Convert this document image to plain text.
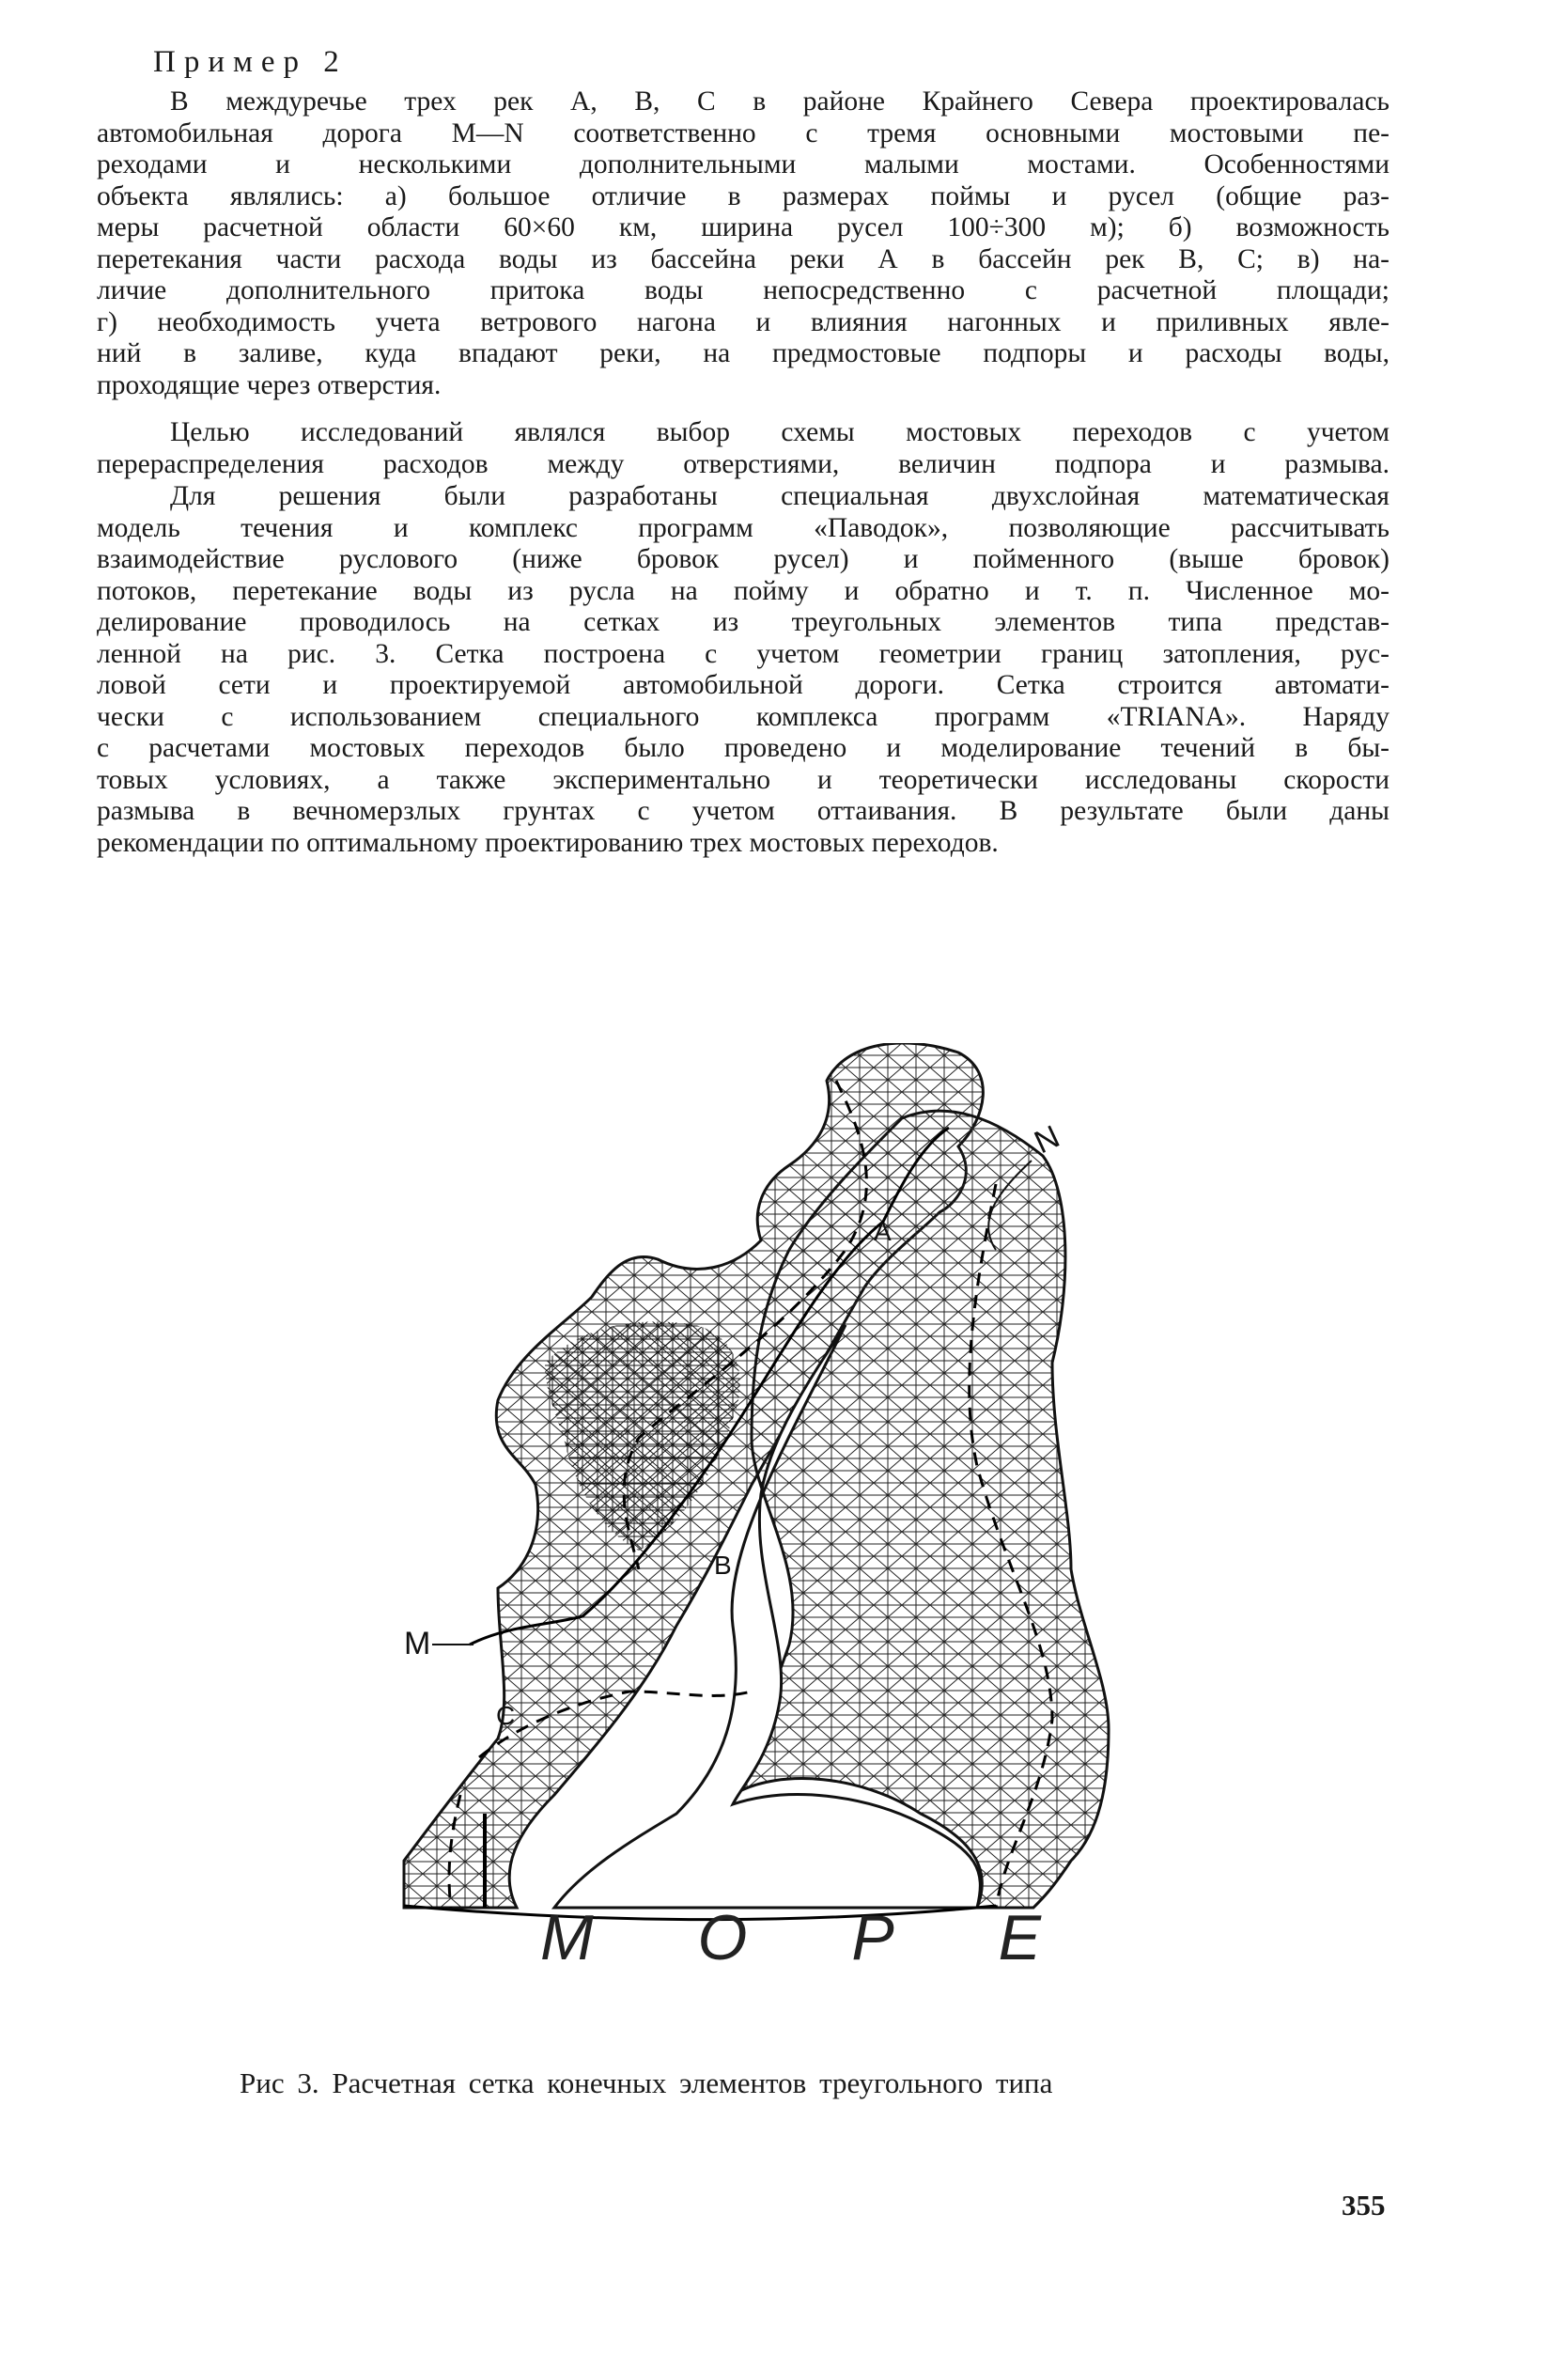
Пример 2
В междуречье трех рек А, В, С в районе Крайнего Севера проектировалась
автомобильная дорога M—N соответственно с тремя основными мостовыми пе-
реходами и несколькими дополнительными малыми мостами. Особенностями
объекта являлись: а) большое отличие в размерах поймы и русел (общие раз-
меры расчетной области 60×60 км, ширина русел 100÷300 м); б) возможность
перетекания части расхода воды из бассейна реки А в бассейн рек В, С; в) на-
личие дополнительного притока воды непосредственно с расчетной площади;
г) необходимость учета ветрового нагона и влияния нагонных и приливных явле-
ний в заливе, куда впадают реки, на предмостовые подпоры и расходы воды,
проходящие через отверстия.
Целью исследований являлся выбор схемы мостовых переходов с учетом
перераспределения расходов между отверстиями, величин подпора и размыва.
Для решения были разработаны специальная двухслойная математическая
модель течения и комплекс программ «Паводок», позволяющие рассчитывать
взаимодействие руслового (ниже бровок русел) и пойменного (выше бровок)
потоков, перетекание воды из русла на пойму и обратно и т. п. Численное мо-
делирование проводилось на сетках из треугольных элементов типа представ-
ленной на рис. 3. Сетка построена с учетом геометрии границ затопления, рус-
ловой сети и проектируемой автомобильной дороги. Сетка строится автомати-
чески с использованием специального комплекса программ «TRIANA». Наряду
с расчетами мостовых переходов было проведено и моделирование течений в бы-
товых условиях, а также экспериментально и теоретически исследованы скорости
размыва в вечномерзлых грунтах с учетом оттаивания. В результате были даны
рекомендации по оптимальному проектированию трех мостовых переходов.
N
M
A
B
C
М О Р Е
Рис 3. Расчетная сетка конечных элементов треугольного типа
355
